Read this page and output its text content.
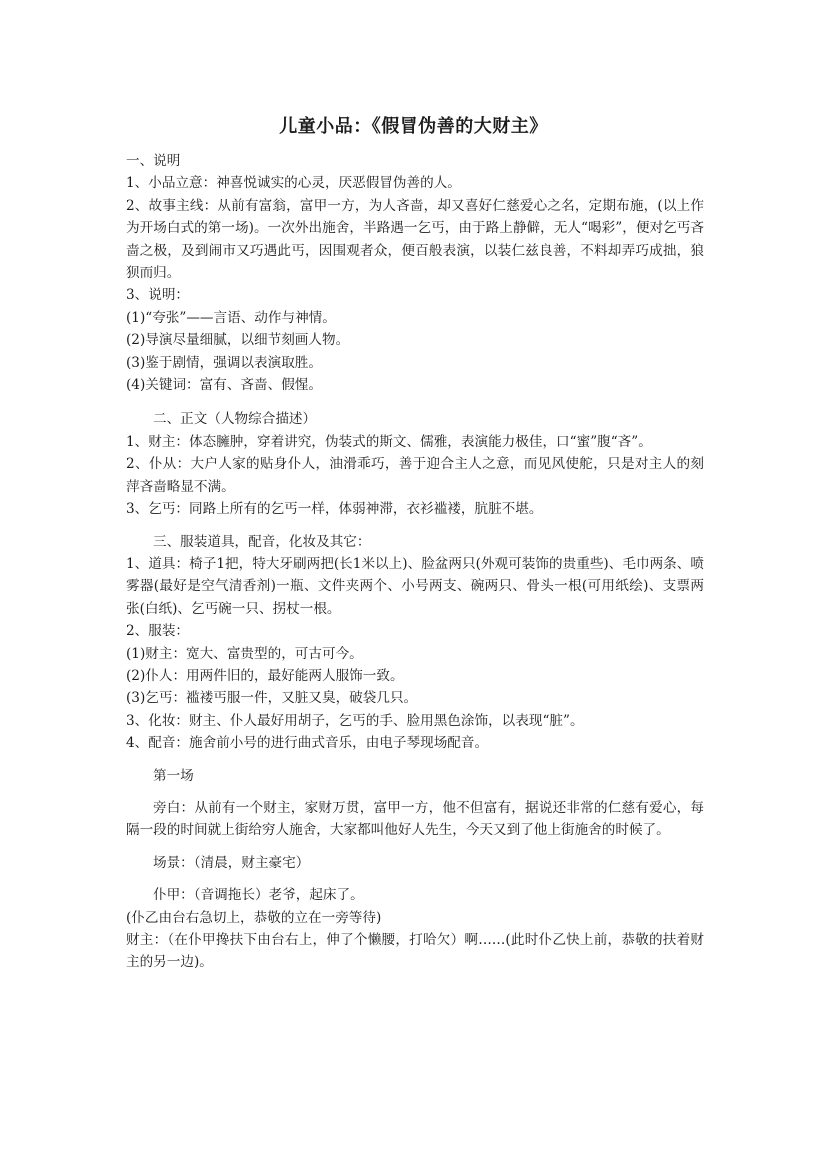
儿童小品：《假冒伪善的大财主》

一、说明

1、小品立意：神喜悦诚实的心灵，厌恶假冒伪善的人。

2、故事主线：从前有富翁，富甲一方，为人吝啬，却又喜好仁慈爱心之名，定期布施，(以上作为开场白式的第一场)。一次外出施舍，半路遇一乞丐，由于路上静僻，无人“喝彩”，便对乞丐吝啬之极，及到闹市又巧遇此丐，因围观者众，便百般表演，以装仁兹良善，不料却弄巧成拙，狼狈而归。

3、说明：

(1)“夸张”——言语、动作与神情。

(2)导演尽量细腻，以细节刻画人物。

(3)鉴于剧情，强调以表演取胜。

(4)关键词：富有、吝啬、假惺。

二、正文（人物综合描述）

1、财主：体态臃肿，穿着讲究，伪装式的斯文、儒雅，表演能力极佳，口“蜜”腹“吝”。

2、仆从：大户人家的贴身仆人，油滑乖巧，善于迎合主人之意，而见风使舵，只是对主人的刻萍吝啬略显不满。

3、乞丐：同路上所有的乞丐一样，体弱神滞，衣衫褴褛，肮脏不堪。

三、服装道具，配音，化妆及其它：

1、道具：椅子1把，特大牙刷两把(长1米以上)、脸盆两只(外观可装饰的贵重些)、毛巾两条、喷雾器(最好是空气清香剂)一瓶、文件夹两个、小号两支、碗两只、骨头一根(可用纸绘)、支票两张(白纸)、乞丐碗一只、拐杖一根。

2、服装：

(1)财主：宽大、富贵型的，可古可今。

(2)仆人：用两件旧的，最好能两人服饰一致。

(3)乞丐：褴褛丐服一件，又脏又臭，破袋几只。

3、化妆：财主、仆人最好用胡子，乞丐的手、脸用黑色涂饰，以表现“脏”。

4、配音：施舍前小号的进行曲式音乐，由电子琴现场配音。

第一场

旁白：从前有一个财主，家财万贯，富甲一方，他不但富有，据说还非常的仁慈有爱心，每隔一段的时间就上街给穷人施舍，大家都叫他好人先生，今天又到了他上街施舍的时候了。

场景：（清晨，财主豪宅）

仆甲：（音调拖长）老爷，起床了。

(仆乙由台右急切上，恭敬的立在一旁等待)

财主：（在仆甲搀扶下由台右上，伸了个懒腰，打哈欠）啊……(此时仆乙快上前，恭敬的扶着财主的另一边)。
